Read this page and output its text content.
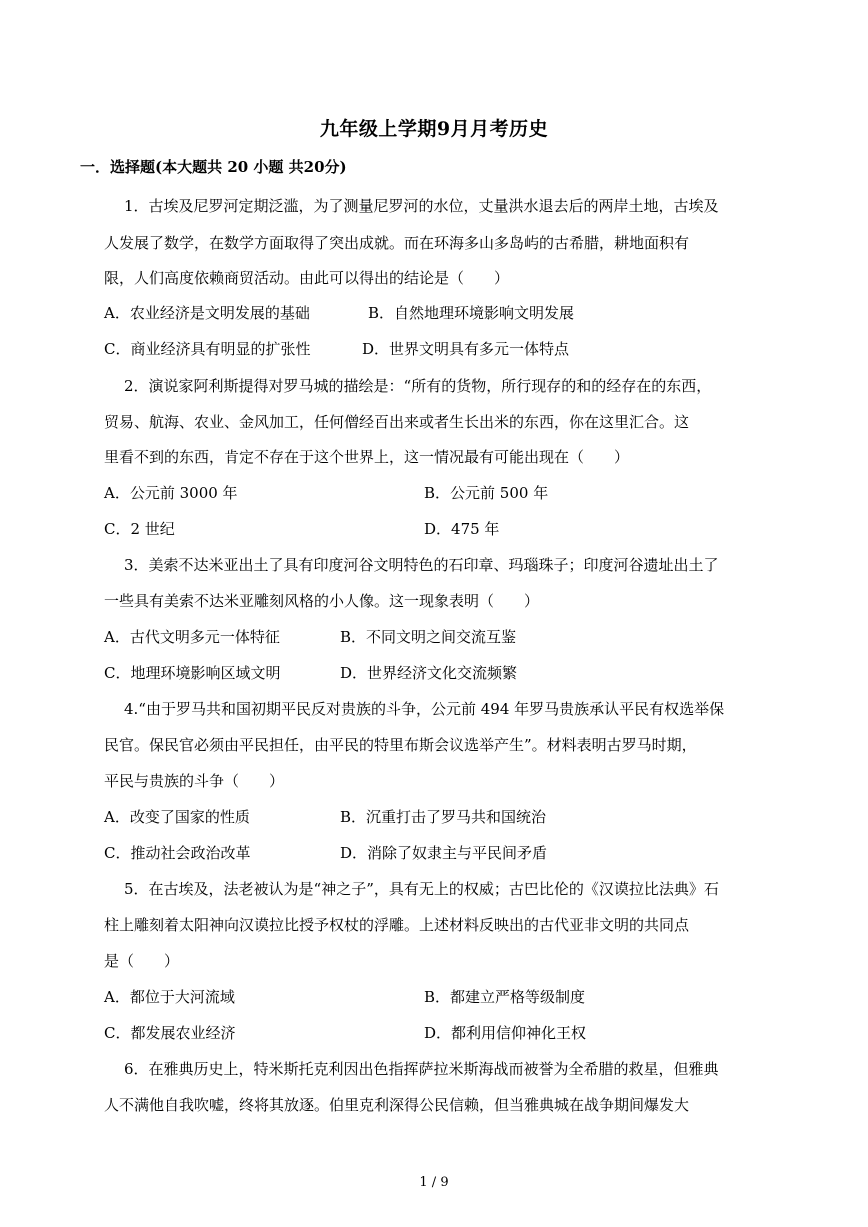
九年级上学期9月月考历史
一．选择题(本大题共 20 小题 共20分)
1．古埃及尼罗河定期泛滥，为了测量尼罗河的水位，丈量洪水退去后的两岸土地，古埃及
人发展了数学，在数学方面取得了突出成就。而在环海多山多岛屿的古希腊，耕地面积有
限，人们高度依赖商贸活动。由此可以得出的结论是（　　）
A．农业经济是文明发展的基础	B．自然地理环境影响文明发展
C．商业经济具有明显的扩张性	D．世界文明具有多元一体特点
2．演说家阿利斯提得对罗马城的描绘是：“所有的货物，所行现存的和的经存在的东西，
贸易、航海、农业、金风加工，任何僧经百出来或者生长出米的东西，你在这里汇合。这
里看不到的东西，肯定不存在于这个世界上，这一情况最有可能出现在（　　）
A．公元前 3000 年	B．公元前 500 年
C．2 世纪	D．475 年
3．美索不达米亚出土了具有印度河谷文明特色的石印章、玛瑙珠子；印度河谷遗址出土了
一些具有美索不达米亚雕刻风格的小人像。这一现象表明（　　）
A．古代文明多元一体特征	B．不同文明之间交流互鉴
C．地理环境影响区域文明	D．世界经济文化交流频繁
4.“由于罗马共和国初期平民反对贵族的斗争，公元前 494 年罗马贵族承认平民有权选举保
民官。保民官必须由平民担任，由平民的特里布斯会议选举产生”。材料表明古罗马时期，
平民与贵族的斗争（　　）
A．改变了国家的性质	B．沉重打击了罗马共和国统治
C．推动社会政治改革	D．消除了奴隶主与平民间矛盾
5．在古埃及，法老被认为是“神之子”，具有无上的权威；古巴比伦的《汉谟拉比法典》石
柱上雕刻着太阳神向汉谟拉比授予权杖的浮雕。上述材料反映出的古代亚非文明的共同点
是（　　）
A．都位于大河流域	B．都建立严格等级制度
C．都发展农业经济	D．都利用信仰神化王权
6．在雅典历史上，特米斯托克利因出色指挥萨拉米斯海战而被誉为全希腊的救星，但雅典
人不满他自我吹嘘，终将其放逐。伯里克利深得公民信赖，但当雅典城在战争期间爆发大
1 / 9
